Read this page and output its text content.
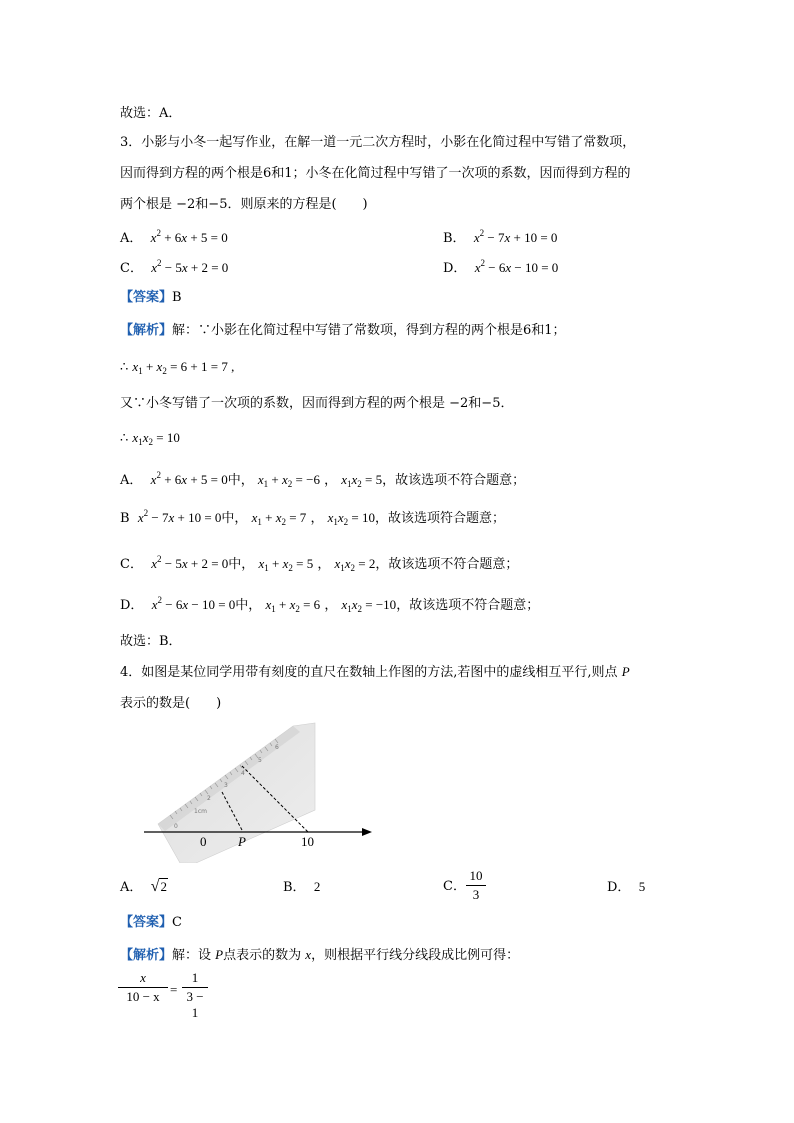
故选：A．
3．小影与小冬一起写作业，在解一道一元二次方程时，小影在化简过程中写错了常数项，
因而得到方程的两个根是6和1；小冬在化简过程中写错了一次项的系数，因而得到方程的
两个根是 −2和−5．则原来的方程是(　　)
A． $x^2 + 6x + 5 = 0$	B． $x^2 - 7x + 10 = 0$
C． $x^2 - 5x + 2 = 0$	D． $x^2 - 6x - 10 = 0$
【答案】B
【解析】解：∵小影在化简过程中写错了常数项，得到方程的两个根是6和1；
∴ $x_1 + x_2 = 6 + 1 = 7$ ,
又∵小冬写错了一次项的系数，因而得到方程的两个根是 −2和−5．
∴ $x_1x_2 = 10$
A． $x^2 + 6x + 5 = 0$中， $x_1 + x_2 = -6$ ， $x_1x_2 = 5$，故该选项不符合题意；
B $x^2 - 7x + 10 = 0$中， $x_1 + x_2 = 7$ ， $x_1x_2 = 10$，故该选项符合题意；
C． $x^2 - 5x + 2 = 0$中， $x_1 + x_2 = 5$ ， $x_1x_2 = 2$，故该选项不符合题意；
D． $x^2 - 6x - 10 = 0$中， $x_1 + x_2 = 6$ ， $x_1x_2 = -10$，故该选项不符合题意；
故选：B．
4．如图是某位同学用带有刻度的直尺在数轴上作图的方法,若图中的虚线相互平行,则点 P
表示的数是(　　)
0
1cm
2
3
4
5
6
0 P	10
A． √2	B． 2	C．
10
3	D． 5
【答案】C
【解析】解：设 P点表示的数为 x，则根据平行线分线段成比例可得：
x
10 − x =
1
3 − 1
